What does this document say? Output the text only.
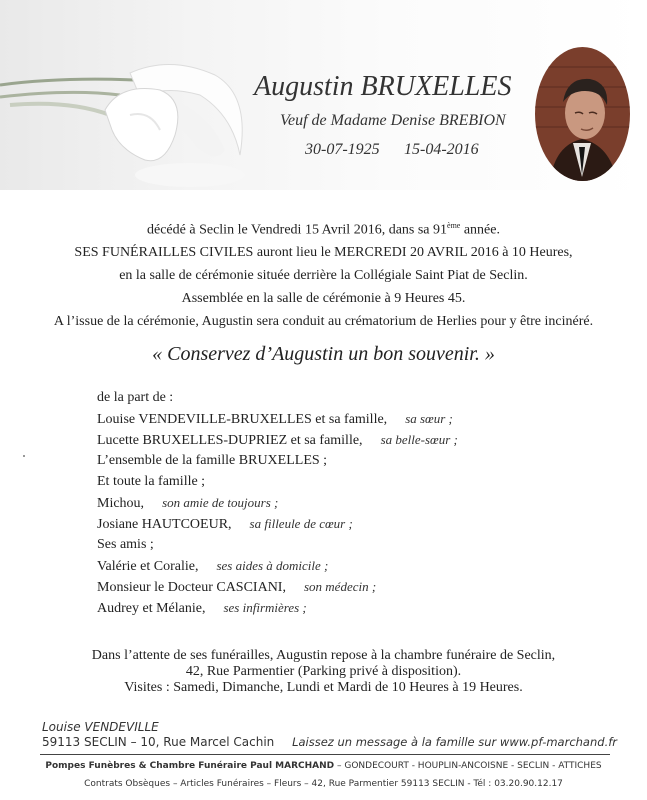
Augustin BRUXELLES
Veuf de Madame Denise BREBION
30-07-1925 15-04-2016
décédé à Seclin le Vendredi 15 Avril 2016, dans sa 91ème année.
SES FUNÉRAILLES CIVILES auront lieu le MERCREDI 20 AVRIL 2016 à 10 Heures,
en la salle de cérémonie située derrière la Collégiale Saint Piat de Seclin.
Assemblée en la salle de cérémonie à 9 Heures 45.
A l’issue de la cérémonie, Augustin sera conduit au crématorium de Herlies pour y être incinéré.
« Conservez d’Augustin un bon souvenir. »
de la part de :
Louise VENDEVILLE-BRUXELLES et sa famille, sa sœur ;
Lucette BRUXELLES-DUPRIEZ et sa famille, sa belle-sœur ;
L’ensemble de la famille BRUXELLES ;
Et toute la famille ;
Michou, son amie de toujours ;
Josiane HAUTCOEUR, sa filleule de cœur ;
Ses amis ;
Valérie et Coralie, ses aides à domicile ;
Monsieur le Docteur CASCIANI, son médecin ;
Audrey et Mélanie, ses infirmières ;
Dans l’attente de ses funérailles, Augustin repose à la chambre funéraire de Seclin,
42, Rue Parmentier (Parking privé à disposition).
Visites : Samedi, Dimanche, Lundi et Mardi de 10 Heures à 19 Heures.
Louise VENDEVILLE
59113 SECLIN – 10, Rue Marcel Cachin Laissez un message à la famille sur www.pf-marchand.fr
Pompes Funèbres & Chambre Funéraire Paul MARCHAND – GONDECOURT - HOUPLIN-ANCOISNE - SECLIN - ATTICHES
Contrats Obsèques – Articles Funéraires – Fleurs – 42, Rue Parmentier 59113 SECLIN - Tél : 03.20.90.12.17
